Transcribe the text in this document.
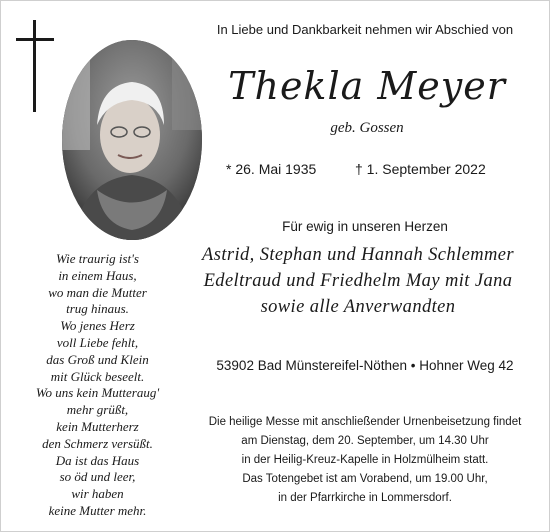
In Liebe und Dankbarkeit nehmen wir Abschied von
Thekla Meyer
geb. Gossen
* 26. Mai 1935	† 1. September 2022
Für ewig in unseren Herzen
Astrid, Stephan und Hannah Schlemmer
Edeltraud und Friedhelm May mit Jana
sowie alle Anverwandten
53902 Bad Münstereifel-Nöthen • Hohner Weg 42
Die heilige Messe mit anschließender Urnenbeisetzung findet
am Dienstag, dem 20. September, um 14.30 Uhr
in der Heilig-Kreuz-Kapelle in Holzmülheim statt.
Das Totengebet ist am Vorabend, um 19.00 Uhr,
in der Pfarrkirche in Lommersdorf.
Wie traurig ist's
in einem Haus,
wo man die Mutter
trug hinaus.
Wo jenes Herz
voll Liebe fehlt,
das Groß und Klein
mit Glück beseelt.
Wo uns kein Mutteraug'
mehr grüßt,
kein Mutterherz
den Schmerz versüßt.
Da ist das Haus
so öd und leer,
wir haben
keine Mutter mehr.
